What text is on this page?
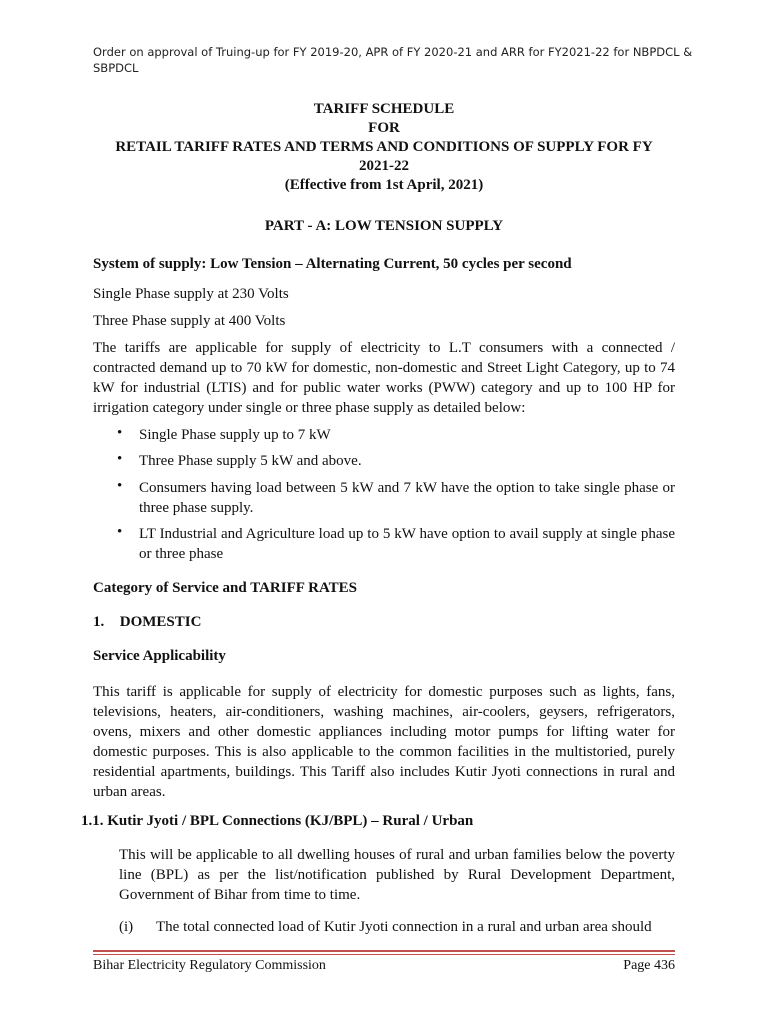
Order on approval of Truing-up for FY 2019-20, APR of FY 2020-21 and ARR for FY2021-22 for NBPDCL & SBPDCL
TARIFF SCHEDULE
FOR
RETAIL TARIFF RATES AND TERMS AND CONDITIONS OF SUPPLY FOR FY
2021-22
(Effective from 1st April, 2021)
PART - A: LOW TENSION SUPPLY
System of supply: Low Tension – Alternating Current, 50 cycles per second
Single Phase supply at 230 Volts
Three Phase supply at 400 Volts
The tariffs are applicable for supply of electricity to L.T consumers with a connected / contracted demand up to 70 kW for domestic, non-domestic and Street Light Category, up to 74 kW for industrial (LTIS) and for public water works (PWW) category and up to 100 HP for irrigation category under single or three phase supply as detailed below:
• Single Phase supply up to 7 kW
• Three Phase supply 5 kW and above.
• Consumers having load between 5 kW and 7 kW have the option to take single phase or three phase supply.
• LT Industrial and Agriculture load up to 5 kW have option to avail supply at single phase or three phase
Category of Service and TARIFF RATES
1. DOMESTIC
Service Applicability
This tariff is applicable for supply of electricity for domestic purposes such as lights, fans, televisions, heaters, air-conditioners, washing machines, air-coolers, geysers, refrigerators, ovens, mixers and other domestic appliances including motor pumps for lifting water for domestic purposes. This is also applicable to the common facilities in the multistoried, purely residential apartments, buildings. This Tariff also includes Kutir Jyoti connections in rural and urban areas.
1.1. Kutir Jyoti / BPL Connections (KJ/BPL) – Rural / Urban
This will be applicable to all dwelling houses of rural and urban families below the poverty line (BPL) as per the list/notification published by Rural Development Department, Government of Bihar from time to time.
(i)	The total connected load of Kutir Jyoti connection in a rural and urban area should
Bihar Electricity Regulatory Commission	Page 436
